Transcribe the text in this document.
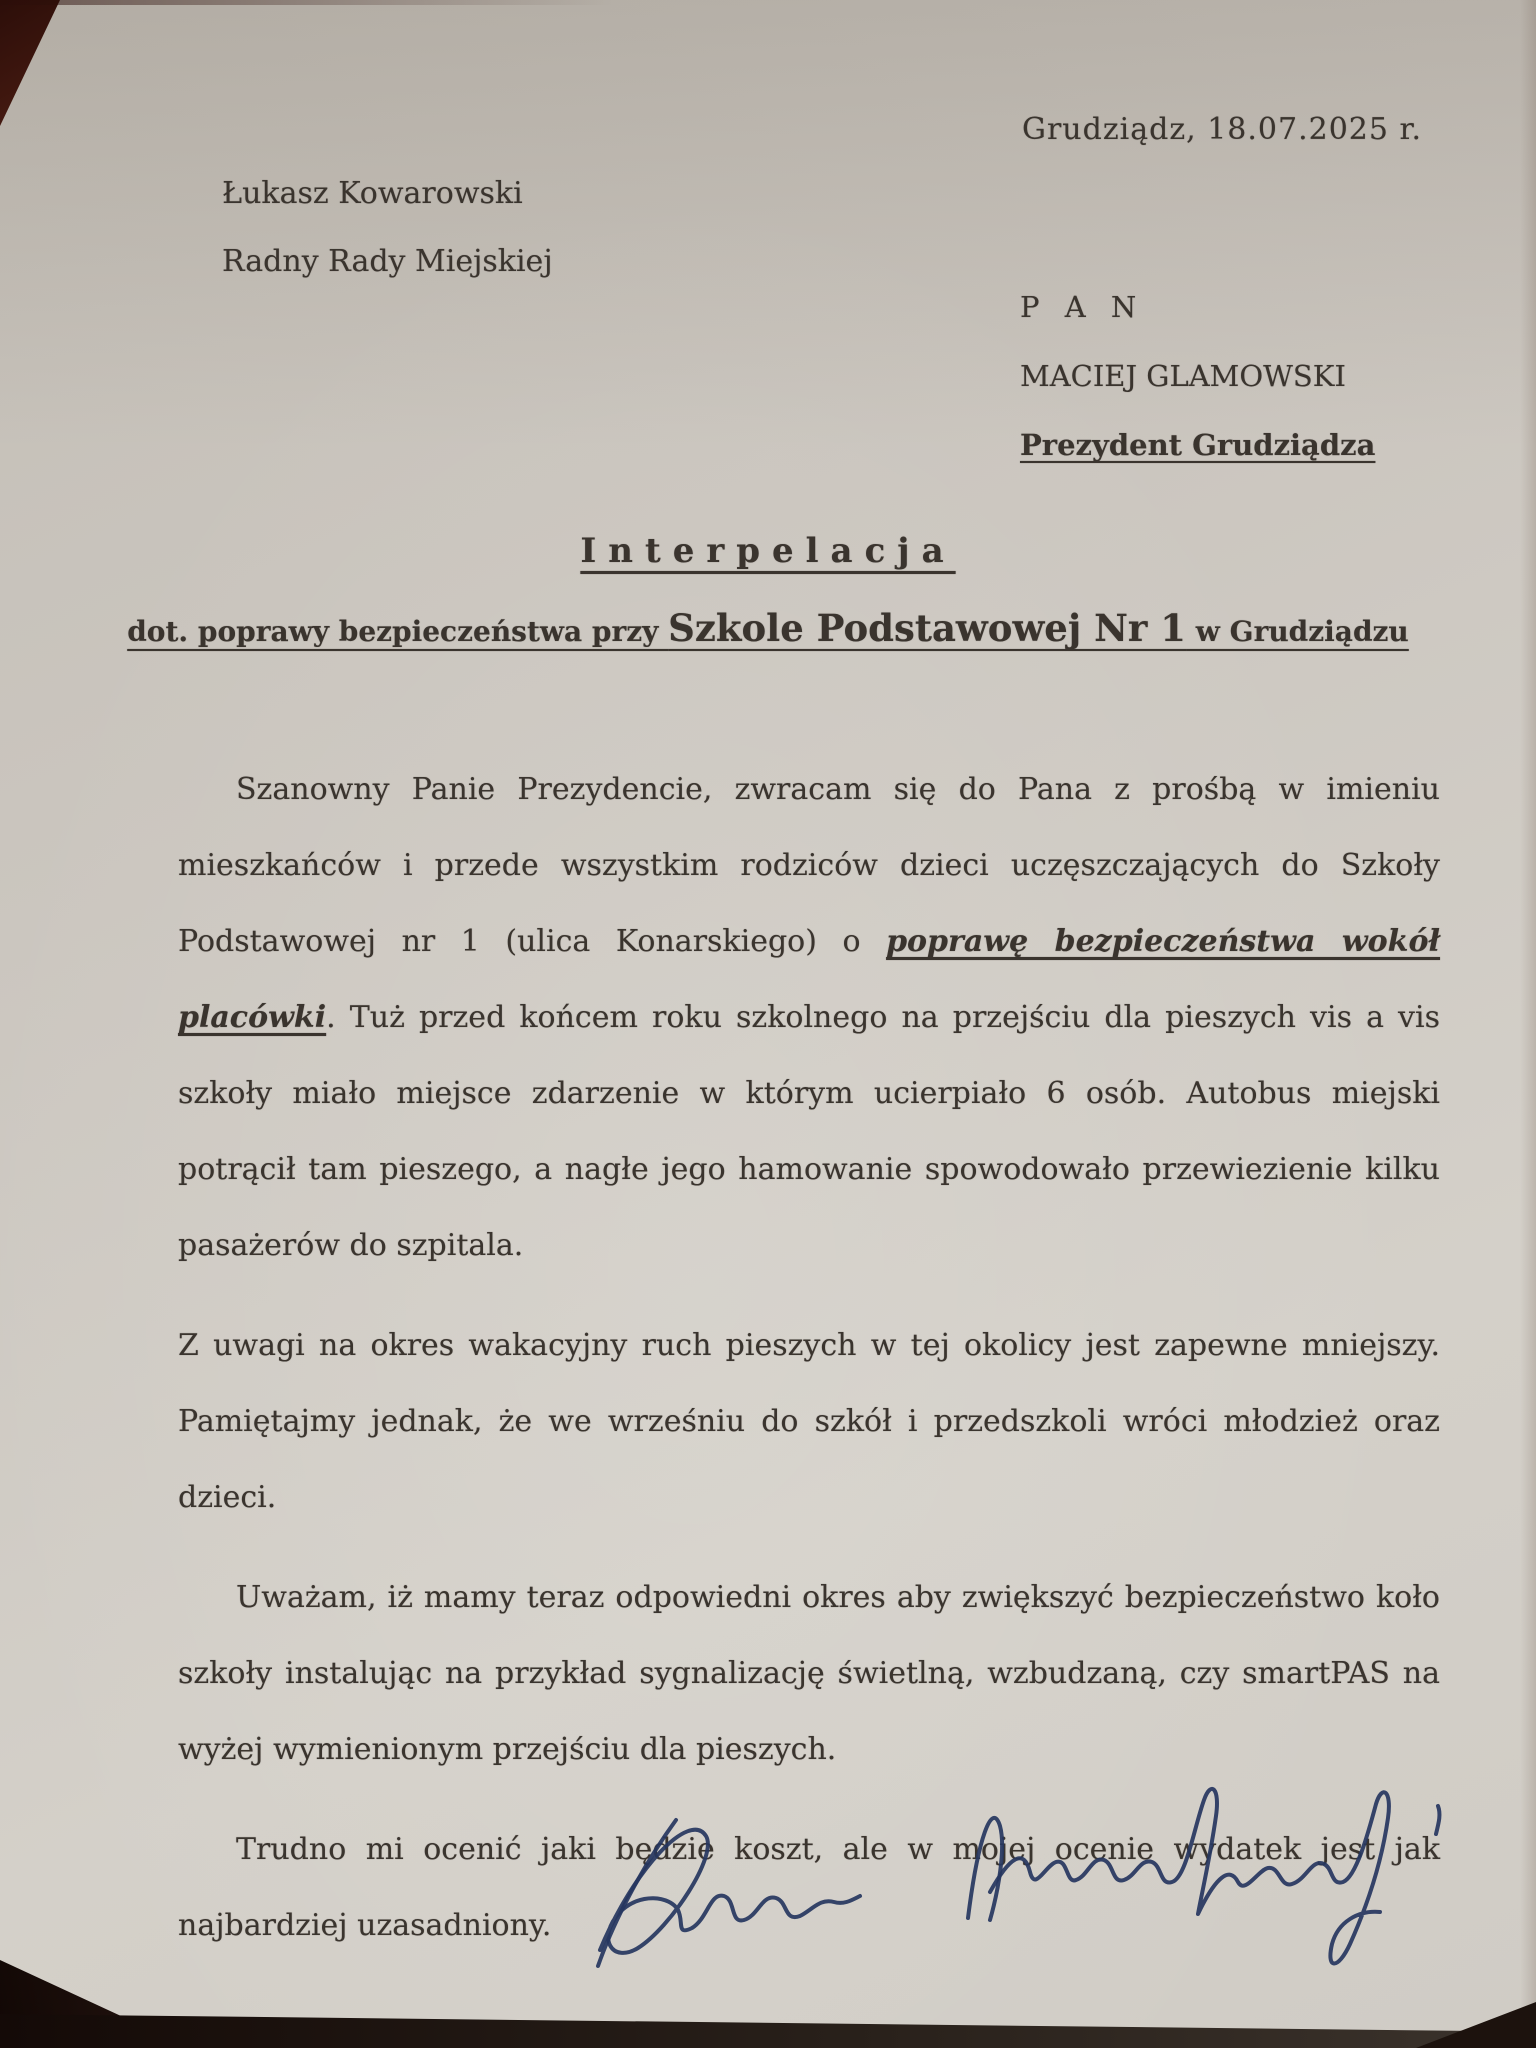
Grudziądz, 18.07.2025 r.
Łukasz Kowarowski
Radny Rady Miejskiej
P A N
MACIEJ GLAMOWSKI
Prezydent Grudziądza
Interpelacja
dot. poprawy bezpieczeństwa przy Szkole Podstawowej Nr 1 w Grudziądzu

Szanowny Panie Prezydencie, zwracam się do Pana z prośbą w imieniu mieszkańców i przede wszystkim rodziców dzieci uczęszczających do Szkoły Podstawowej nr 1 (ulica Konarskiego) o poprawę bezpieczeństwa wokół placówki. Tuż przed końcem roku szkolnego na przejściu dla pieszych vis a vis szkoły miało miejsce zdarzenie w którym ucierpiało 6 osób. Autobus miejski potrącił tam pieszego, a nagłe jego hamowanie spowodowało przewiezienie kilku pasażerów do szpitala.

Z uwagi na okres wakacyjny ruch pieszych w tej okolicy jest zapewne mniejszy. Pamiętajmy jednak, że we wrześniu do szkół i przedszkoli wróci młodzież oraz dzieci.

Uważam, iż mamy teraz odpowiedni okres aby zwiększyć bezpieczeństwo koło szkoły instalując na przykład sygnalizację świetlną, wzbudzaną, czy smartPAS na wyżej wymienionym przejściu dla pieszych.

Trudno mi ocenić jaki będzie koszt, ale w mojej ocenie wydatek jest jak najbardziej uzasadniony.
